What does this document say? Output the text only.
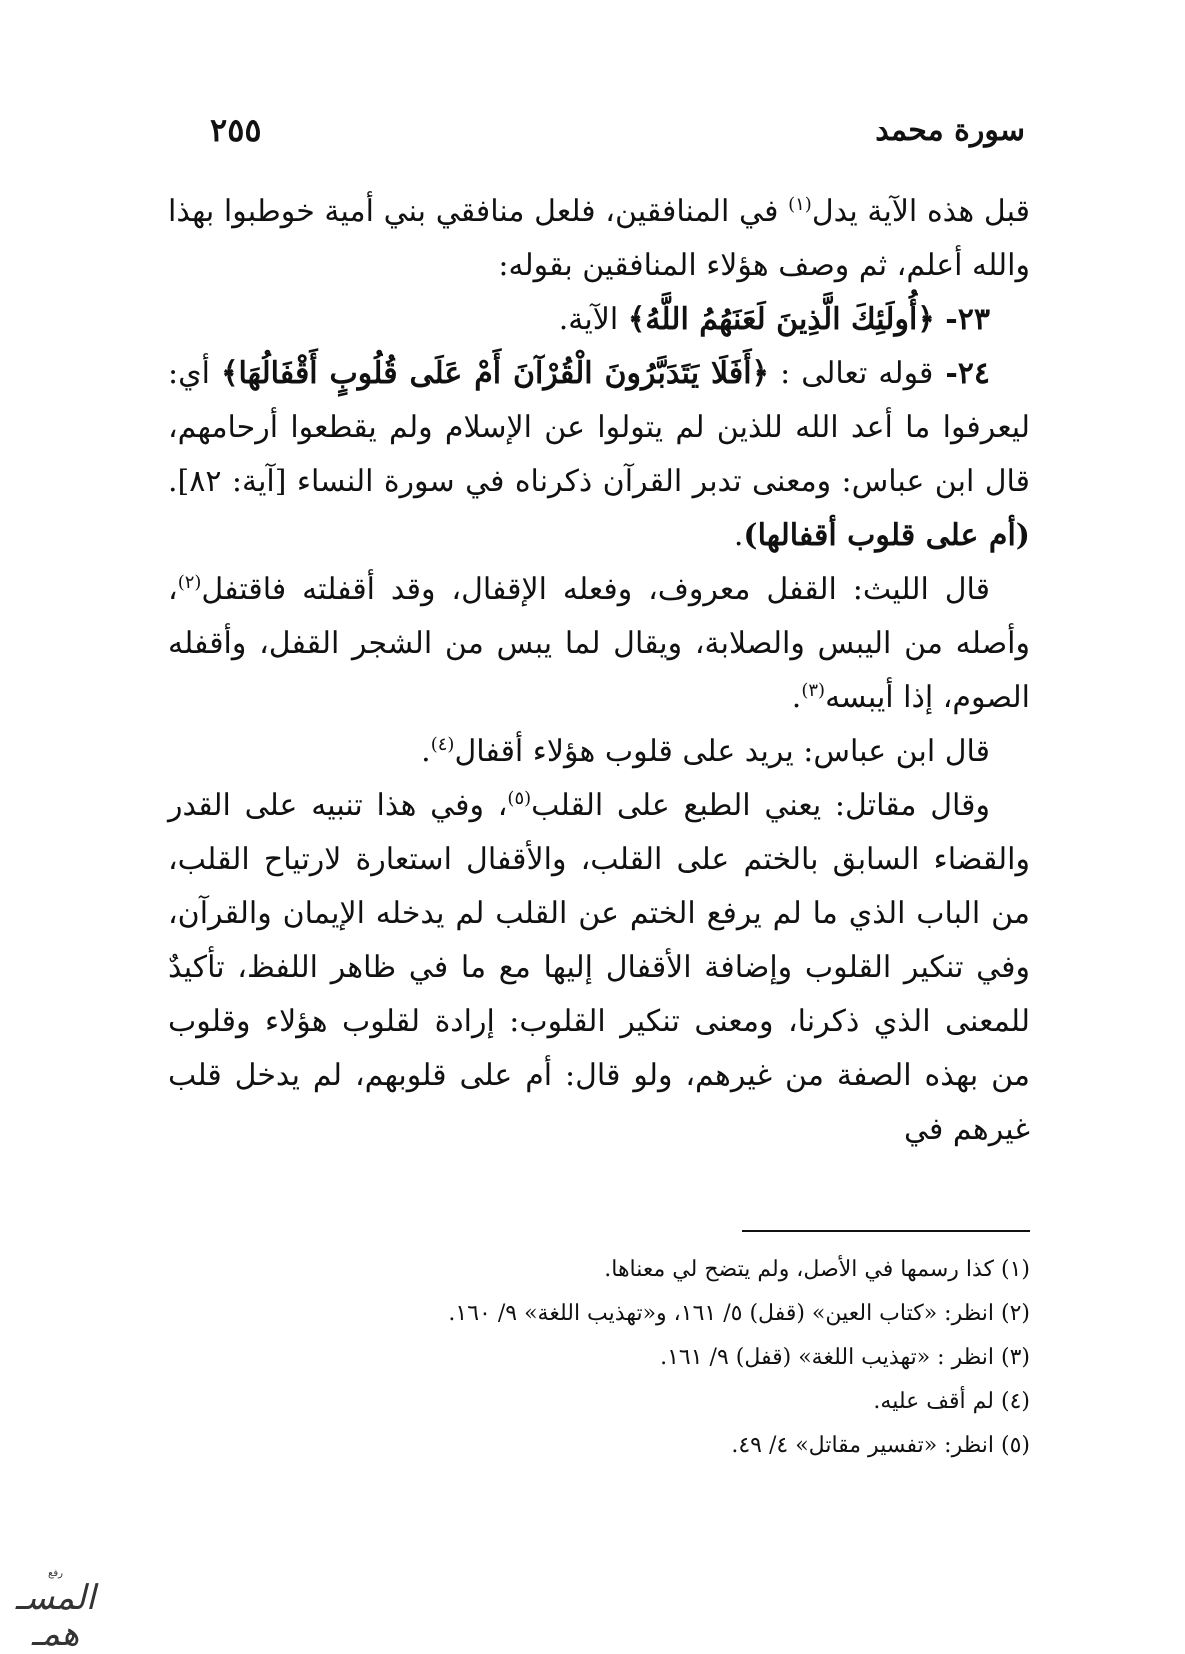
سورة محمد
٢٥٥

قبل هذه الآية يدل$^{(١)}$ في المنافقين، فلعل منافقي بني أمية خوطبوا بهذا والله أعلم، ثم وصف هؤلاء المنافقين بقوله:

٢٣- ﴿أُولَئِكَ الَّذِينَ لَعَنَهُمُ اللَّهُ﴾ الآية.

٢٤- قوله تعالى : ﴿أَفَلَا يَتَدَبَّرُونَ الْقُرْآنَ أَمْ عَلَى قُلُوبٍ أَقْفَالُهَا﴾ أي: ليعرفوا ما أعد الله للذين لم يتولوا عن الإسلام ولم يقطعوا أرحامهم، قال ابن عباس: ومعنى تدبر القرآن ذكرناه في سورة النساء [آية: ٨٢]. (أم على قلوب أقفالها).

قال الليث: القفل معروف، وفعله الإقفال، وقد أقفلته فاقتفل$^{(٢)}$، وأصله من اليبس والصلابة، ويقال لما يبس من الشجر القفل، وأقفله الصوم، إذا أيبسه$^{(٣)}$.

قال ابن عباس: يريد على قلوب هؤلاء أقفال$^{(٤)}$.

وقال مقاتل: يعني الطبع على القلب$^{(٥)}$، وفي هذا تنبيه على القدر والقضاء السابق بالختم على القلب، والأقفال استعارة لارتياح القلب، من الباب الذي ما لم يرفع الختم عن القلب لم يدخله الإيمان والقرآن، وفي تنكير القلوب وإضافة الأقفال إليها مع ما في ظاهر اللفظ، تأكيدٌ للمعنى الذي ذكرنا، ومعنى تنكير القلوب: إرادة لقلوب هؤلاء وقلوب من بهذه الصفة من غيرهم، ولو قال: أم على قلوبهم، لم يدخل قلب غيرهم في

(١) كذا رسمها في الأصل، ولم يتضح لي معناها.

(٢) انظر: «كتاب العين» (قفل) ٥/ ١٦١، و«تهذيب اللغة» ٩/ ١٦٠.

(٣) انظر : «تهذيب اللغة» (قفل) ٩/ ١٦١.

(٤) لم أقف عليه.

(٥) انظر: «تفسير مقاتل» ٤/ ٤٩.

رفع
المسـ همـ
